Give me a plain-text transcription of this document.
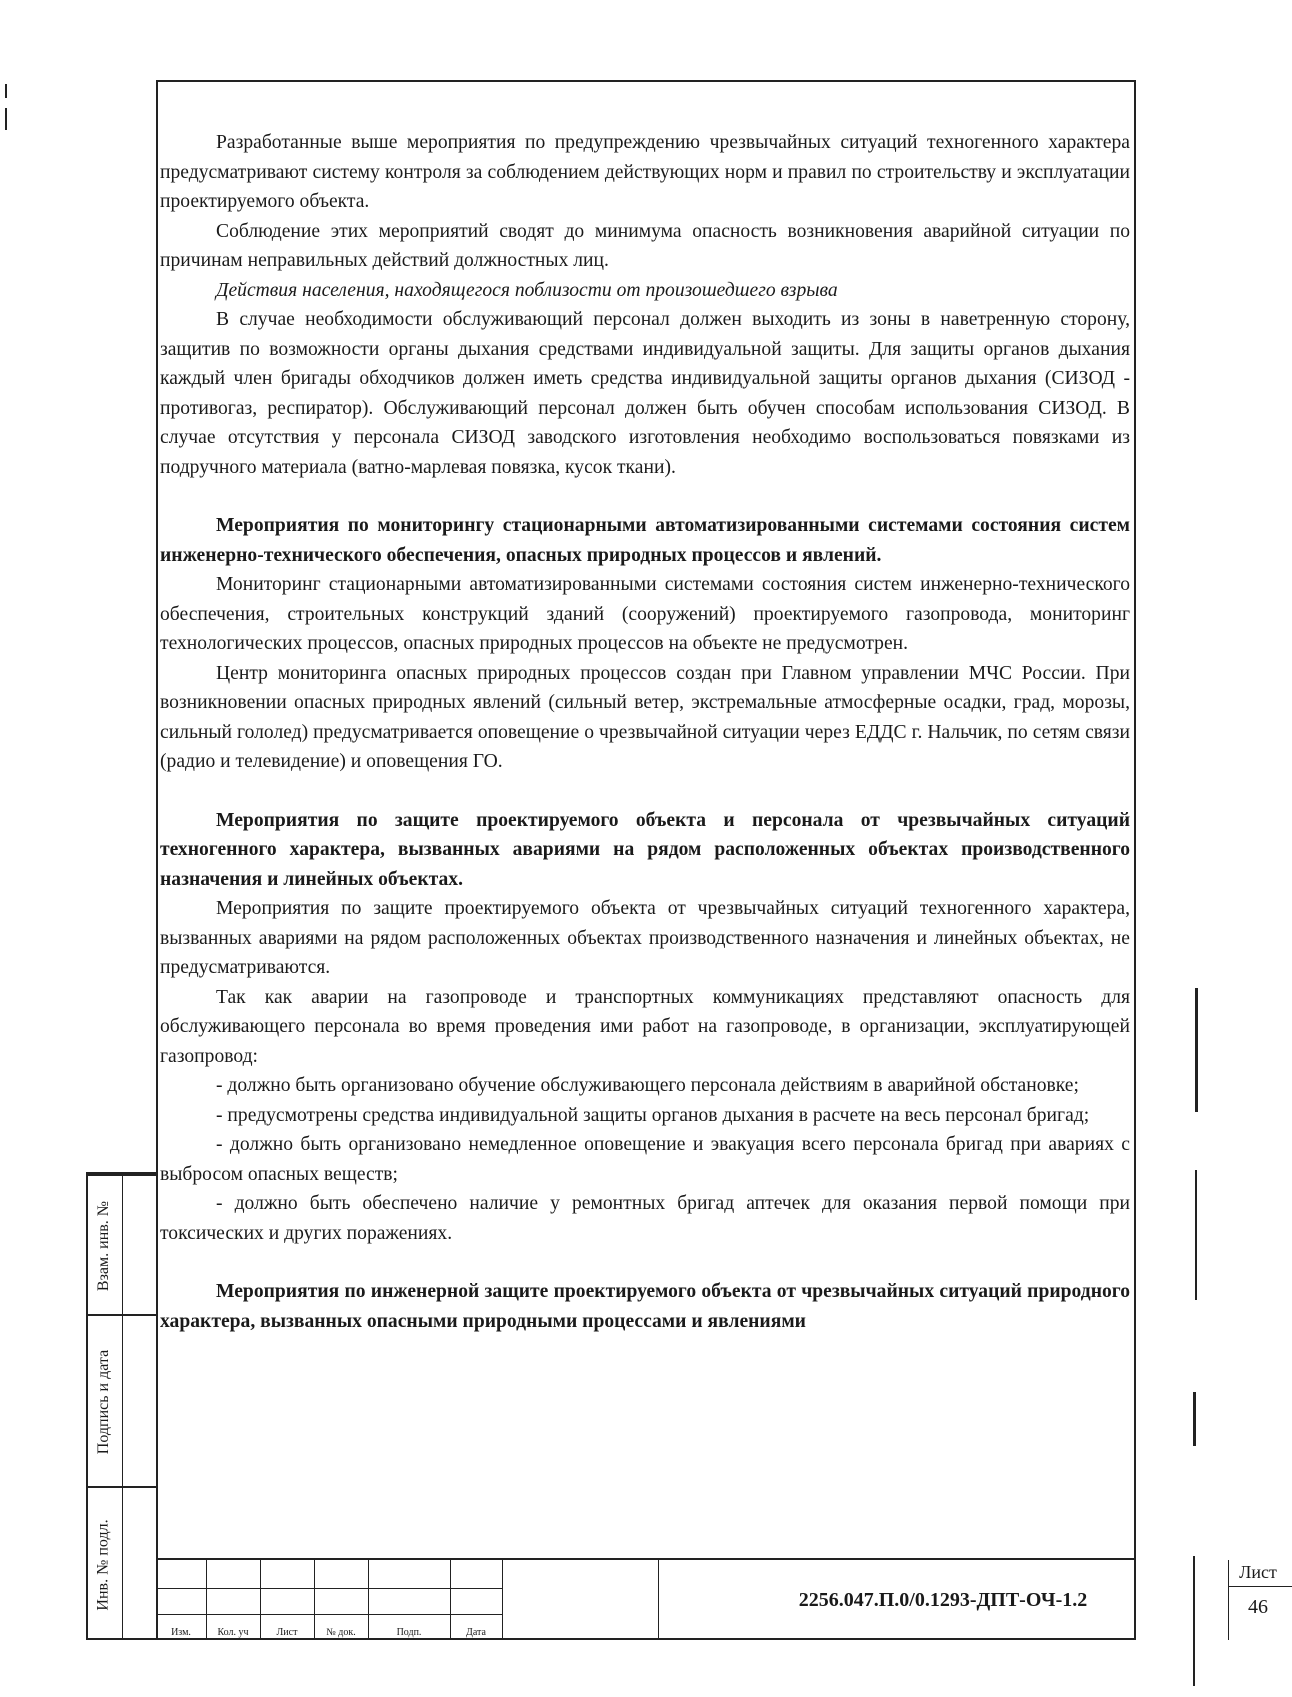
Разработанные выше мероприятия по предупреждению чрезвычайных ситуаций техногенного характера предусматривают систему контроля за соблюдением действующих норм и правил по строительству и эксплуатации проектируемого объекта.

Соблюдение этих мероприятий сводят до минимума опасность возникновения аварийной ситуации по причинам неправильных действий должностных лиц.

Действия населения, находящегося поблизости от произошедшего взрыва

В случае необходимости обслуживающий персонал должен выходить из зоны в наветренную сторону, защитив по возможности органы дыхания средствами индивидуальной защиты. Для защиты органов дыхания каждый член бригады обходчиков должен иметь средства индивидуальной защиты органов дыхания (СИЗОД - противогаз, респиратор). Обслуживающий персонал должен быть обучен способам использования СИЗОД. В случае отсутствия у персонала СИЗОД заводского изготовления необходимо воспользоваться повязками из подручного материала (ватно-марлевая повязка, кусок ткани).

Мероприятия по мониторингу стационарными автоматизированными системами состояния систем инженерно-технического обеспечения, опасных природных процессов и явлений.

Мониторинг стационарными автоматизированными системами состояния систем инженерно-технического обеспечения, строительных конструкций зданий (сооружений) проектируемого газопровода, мониторинг технологических процессов, опасных природных процессов на объекте не предусмотрен.

Центр мониторинга опасных природных процессов создан при Главном управлении МЧС России. При возникновении опасных природных явлений (сильный ветер, экстремальные атмосферные осадки, град, морозы, сильный гололед) предусматривается оповещение о чрезвычайной ситуации через ЕДДС г. Нальчик, по сетям связи (радио и телевидение) и оповещения ГО.

Мероприятия по защите проектируемого объекта и персонала от чрезвычайных ситуаций техногенного характера, вызванных авариями на рядом расположенных объектах производственного назначения и линейных объектах.

Мероприятия по защите проектируемого объекта от чрезвычайных ситуаций техногенного характера, вызванных авариями на рядом расположенных объектах производственного назначения и линейных объектах, не предусматриваются.

Так как аварии на газопроводе и транспортных коммуникациях представляют опасность для обслуживающего персонала во время проведения ими работ на газопроводе, в организации, эксплуатирующей газопровод:

- должно быть организовано обучение обслуживающего персонала действиям в аварийной обстановке;

- предусмотрены средства индивидуальной защиты органов дыхания в расчете на весь персонал бригад;

- должно быть организовано немедленное оповещение и эвакуация всего персонала бригад при авариях с выбросом опасных веществ;

- должно быть обеспечено наличие у ремонтных бригад аптечек для оказания первой помощи при токсических и других поражениях.

Мероприятия по инженерной защите проектируемого объекта от чрезвычайных ситуаций природного характера, вызванных опасными природными процессами и явлениями

Взам. инв. №
Подпись и дата
Инв. № подл.
Изм.	Кол. уч	Лист	№ док.	Подп.	Дата
2256.047.П.0/0.1293-ДПТ-ОЧ-1.2
Лист
46
